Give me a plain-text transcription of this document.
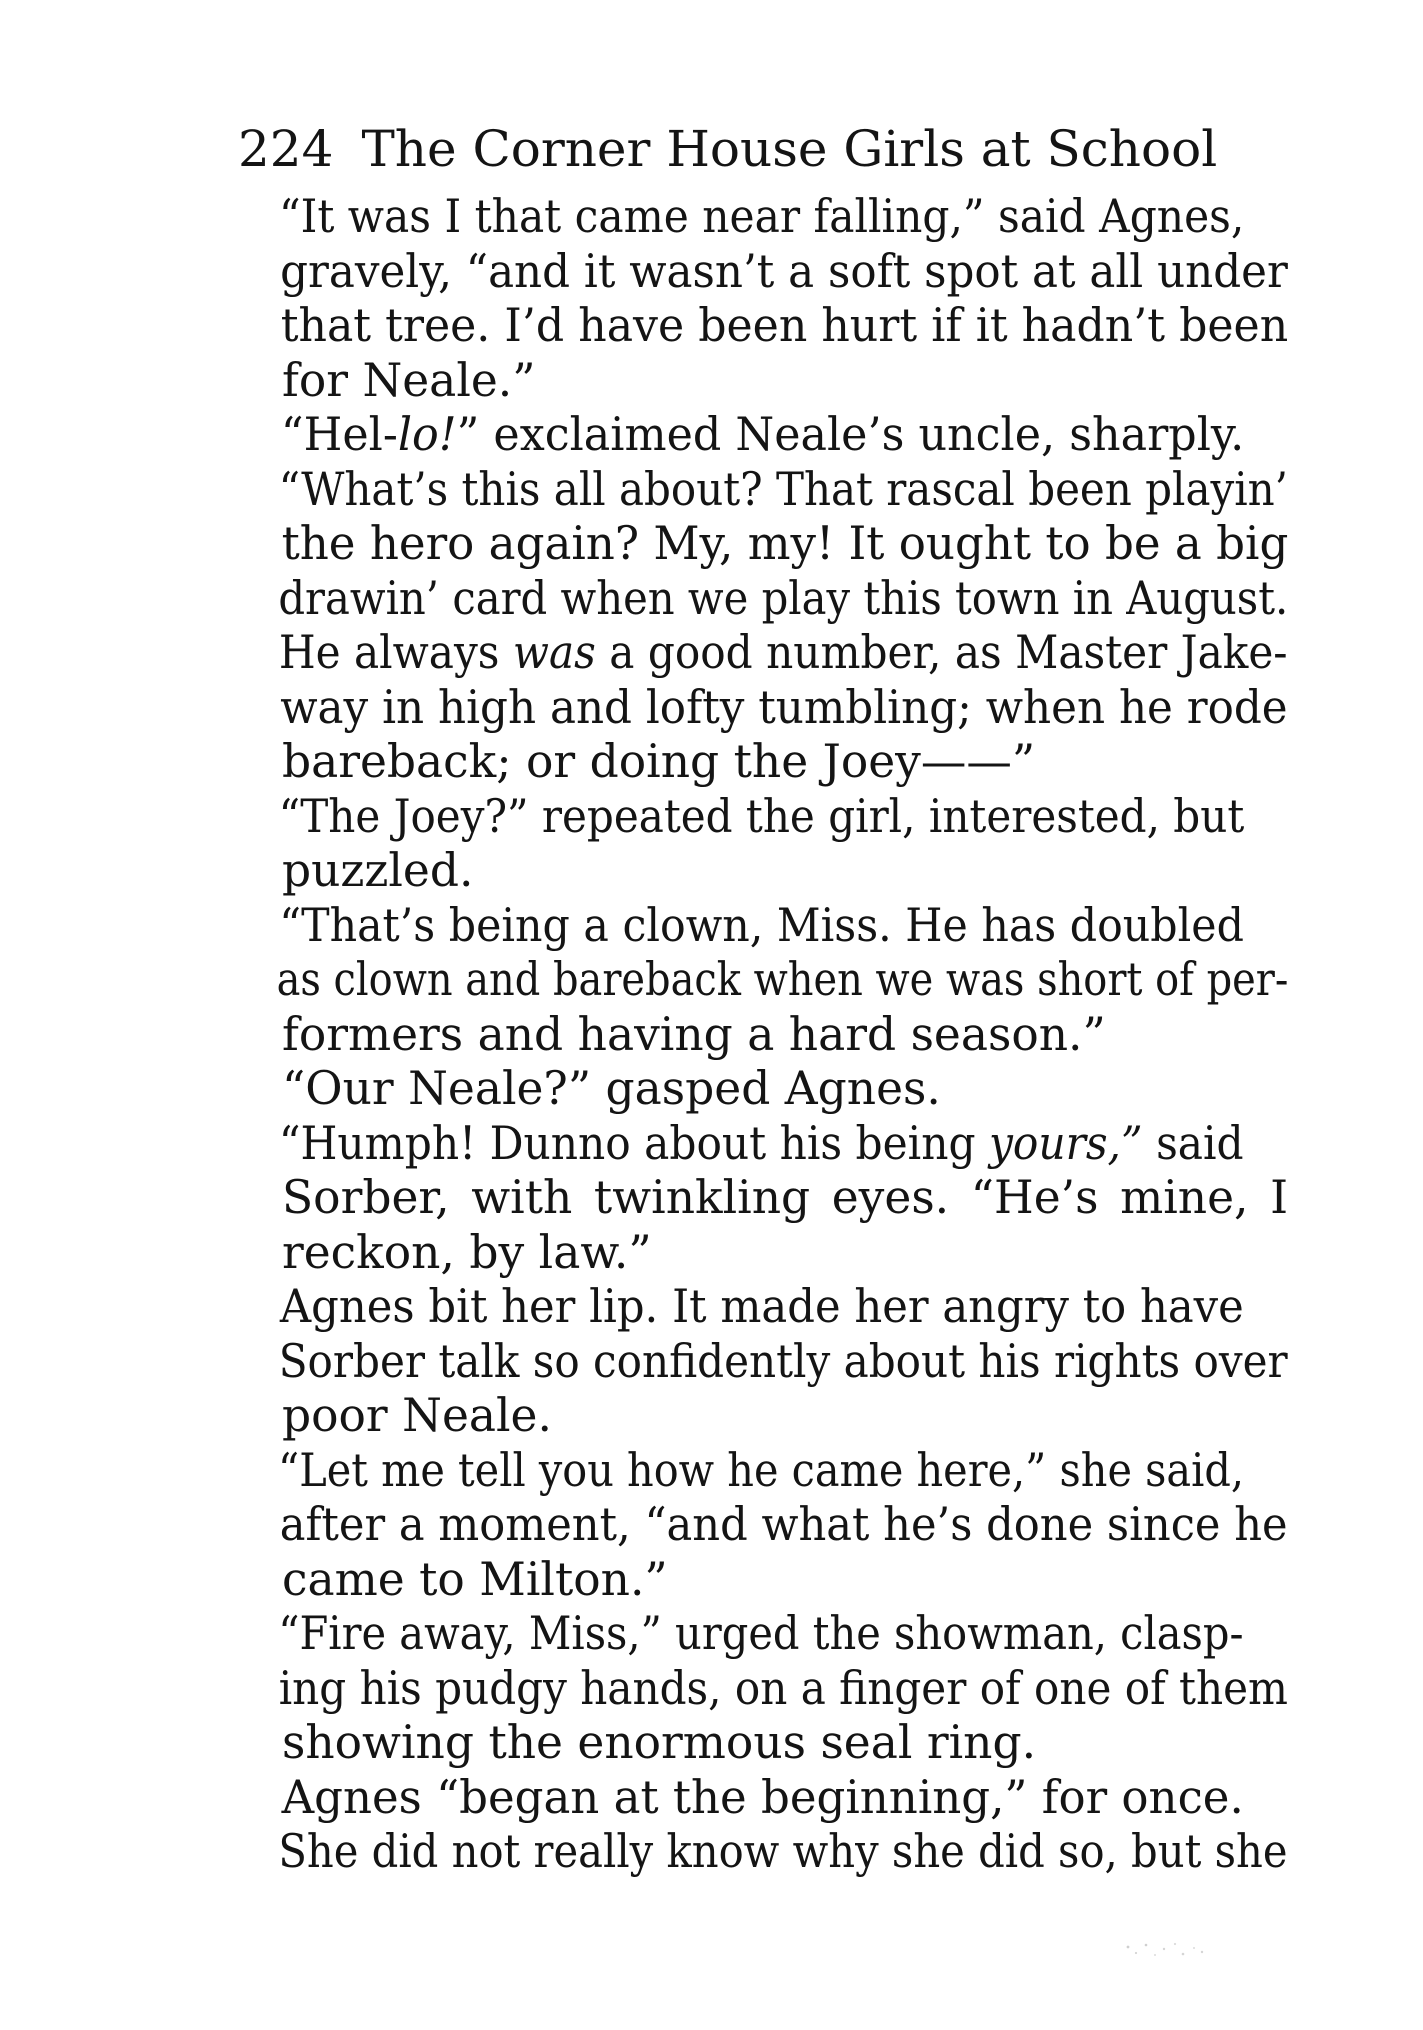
224 The Corner House Girls at School

“It was I that came near falling,” said Agnes,
gravely, “and it wasn’t a soft spot at all under
that tree. I’d have been hurt if it hadn’t been
for Neale.”

“Hel-lo!” exclaimed Neale’s uncle, sharply.
“What’s this all about? That rascal been playin’
the hero again? My, my! It ought to be a big
drawin’ card when we play this town in August.
He always was a good number, as Master Jake-
way in high and lofty tumbling; when he rode
bareback; or doing the Joey——”

“The Joey?” repeated the girl, interested, but
puzzled.

“That’s being a clown, Miss. He has doubled
as clown and bareback when we was short of per-
formers and having a hard season.”

“Our Neale?” gasped Agnes.

“Humph! Dunno about his being yours,” said
Sorber, with twinkling eyes. “He’s mine, I
reckon, by law.”

Agnes bit her lip. It made her angry to have
Sorber talk so confidently about his rights over
poor Neale.

“Let me tell you how he came here,” she said,
after a moment, “and what he’s done since he
came to Milton.”

“Fire away, Miss,” urged the showman, clasp-
ing his pudgy hands, on a finger of one of them
showing the enormous seal ring.

Agnes “began at the beginning,” for once.
She did not really know why she did so, but she
